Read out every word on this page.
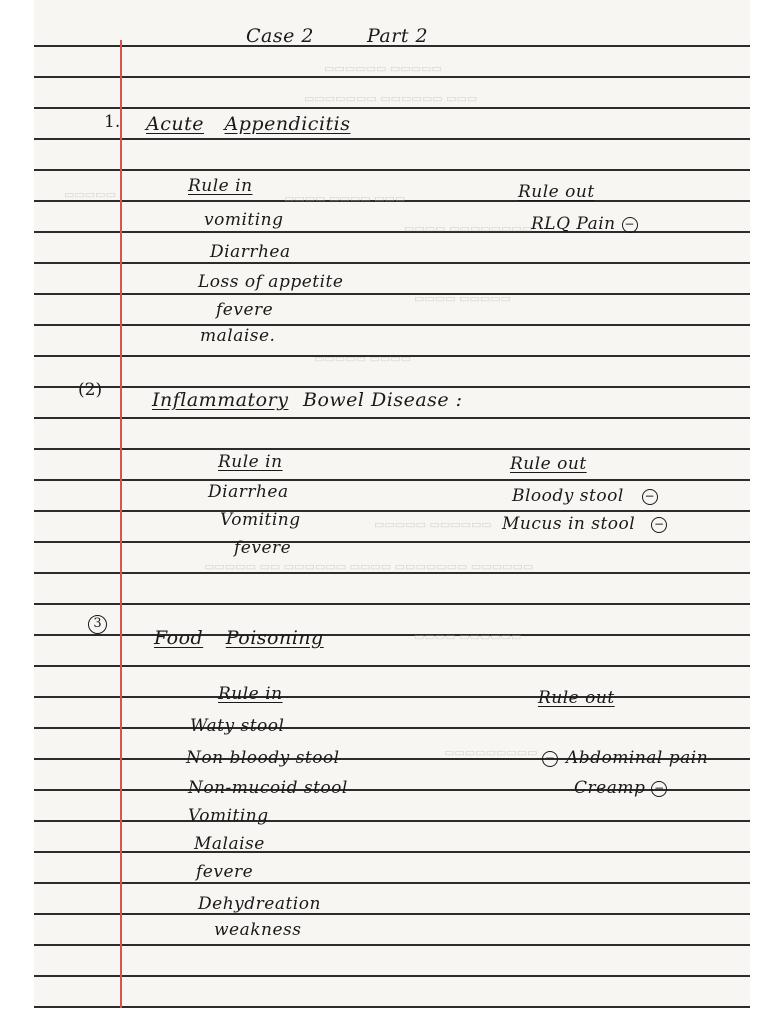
▭▭▭▭▭▭ ▭▭▭▭▭
▭▭▭▭▭▭▭ ▭▭▭▭▭▭ ▭▭▭
▭▭▭▭ ▭▭▭▭ ▭▭▭
▭▭▭▭ ▭▭▭▭▭▭▭▭
▭▭▭▭▭
▭▭▭▭ ▭▭▭▭▭
▭▭▭▭▭ ▭▭▭▭
▭▭▭▭▭ ▭▭▭▭▭▭
▭▭▭▭▭ ▭▭ ▭▭▭▭▭▭ ▭▭▭▭ ▭▭▭▭▭▭▭ ▭▭▭▭▭▭
▭▭▭▭ ▭▭▭▭▭▭
▭▭▭▭▭▭▭▭▭
Case 2	Part 2
1. Acute Appendicitis
Rule in
vomiting
Diarrhea
Loss of appetite
fevere
malaise.
Rule out
RLQ Pain −
(2)	Inflammatory Bowel Disease :
Rule in
Diarrhea
Vomiting
fevere
Rule out
Bloody stool −
Mucus in stool −
3
Food Poisoning
Rule in
Waty stool
Non bloody stool
Non-mucoid stool
Vomiting
Malaise
fevere
Dehydreation
weakness
Rule out
− Abdominal pain
Creamp −
